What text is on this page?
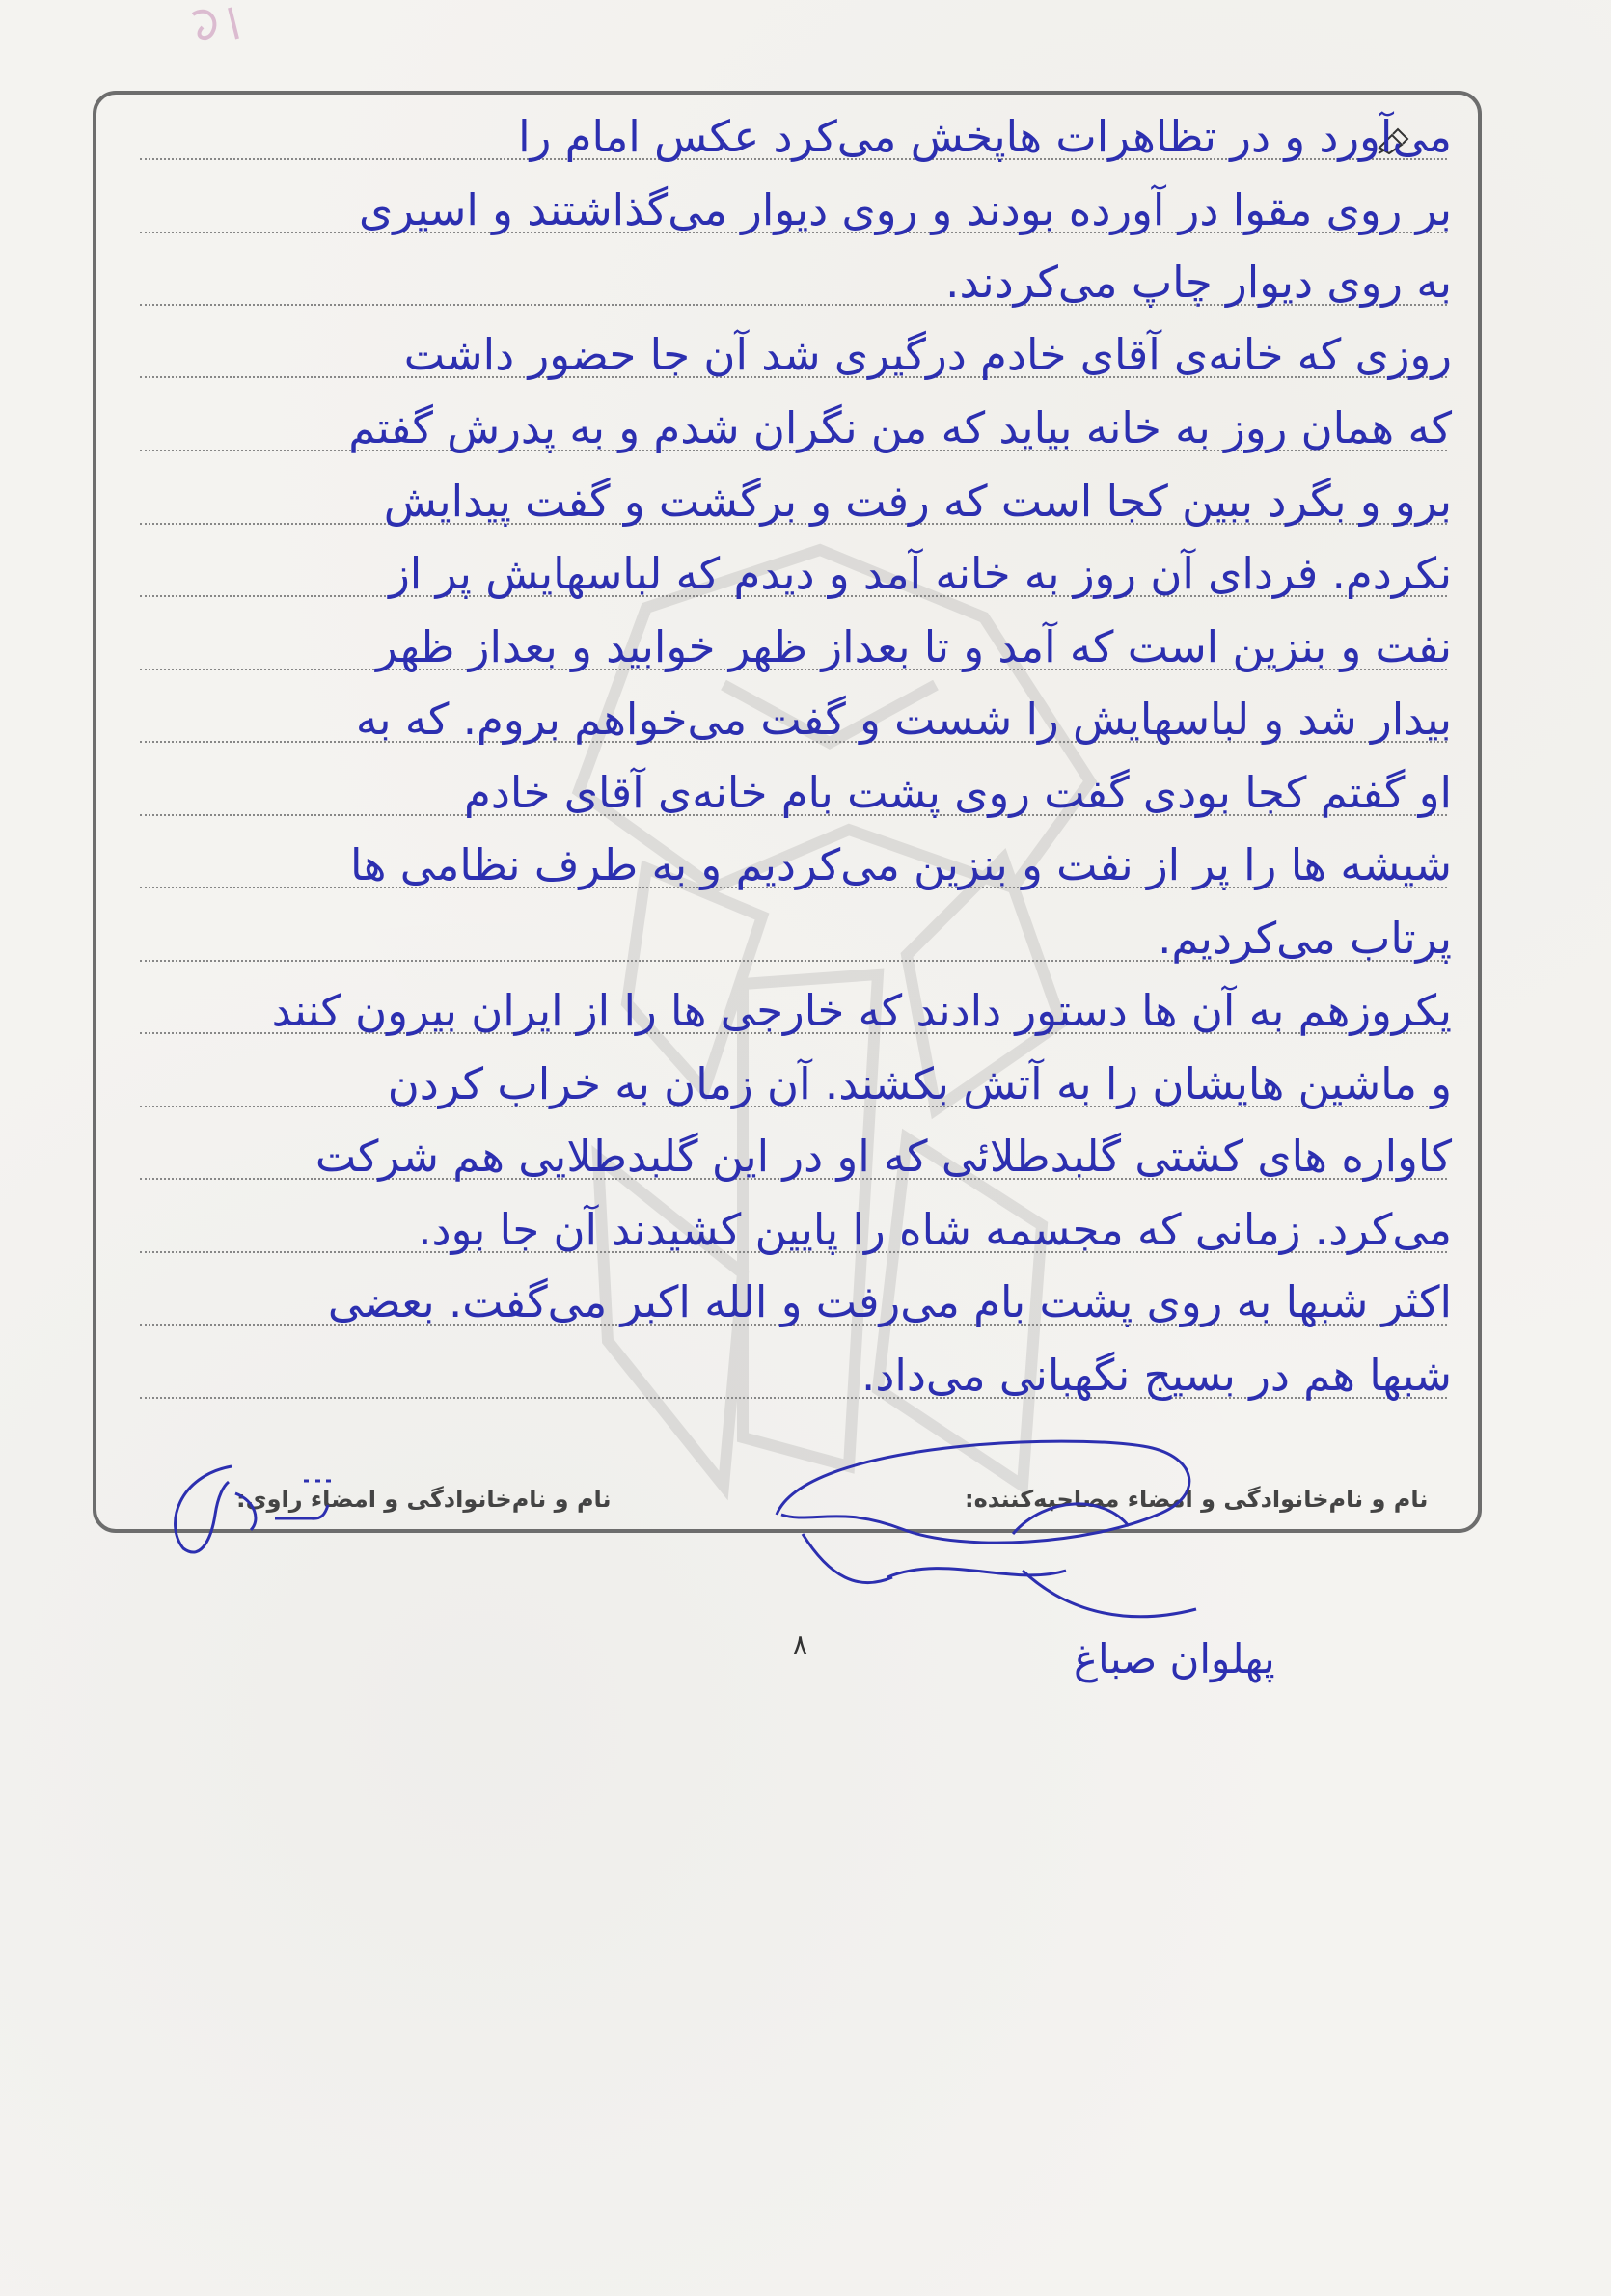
می‌آورد و در تظاهرات هاپخش می‌کرد عکس امام را
بر روی مقوا در آورده بودند و روی دیوار می‌گذاشتند و اسیری
به روی دیوار چاپ می‌کردند.
روزی که خانه‌ی آقای خادم درگیری شد آن جا حضور داشت
که همان روز به خانه بیاید که من نگران شدم و به پدرش گفتم
برو و بگرد ببین کجا است که رفت و برگشت و گفت پیدایش
نکردم. فردای آن روز به خانه آمد و دیدم که لباسهایش پر از
نفت و بنزین است که آمد و تا بعداز ظهر خوابید و بعداز ظهر
بیدار شد و لباسهایش را شست و گفت می‌خواهم بروم. که به
او گفتم کجا بودی گفت روی پشت بام خانه‌ی آقای خادم
شیشه ها را پر از نفت و بنزین می‌کردیم و به طرف نظامی ها
پرتاب می‌کردیم.
یکروزهم به آن ها دستور دادند که خارجی ها را از ایران بیرون کنند
و ماشین هایشان را به آتش بکشند. آن زمان به خراب کردن
کاواره های کشتی گلبدطلائی که او در این گلبدطلایی هم شرکت
می‌کرد. زمانی که مجسمه شاه را پایین کشیدند آن جا بود.
اکثر شبها به روی پشت بام می‌رفت و الله اکبر می‌گفت. بعضی
شبها هم در بسیج نگهبانی می‌داد.
نام و نام‌خانوادگی و امضاء مصاحبه‌کننده:
نام و نام‌خانوادگی و امضاء راوی:
۸	پهلوان صباغ
